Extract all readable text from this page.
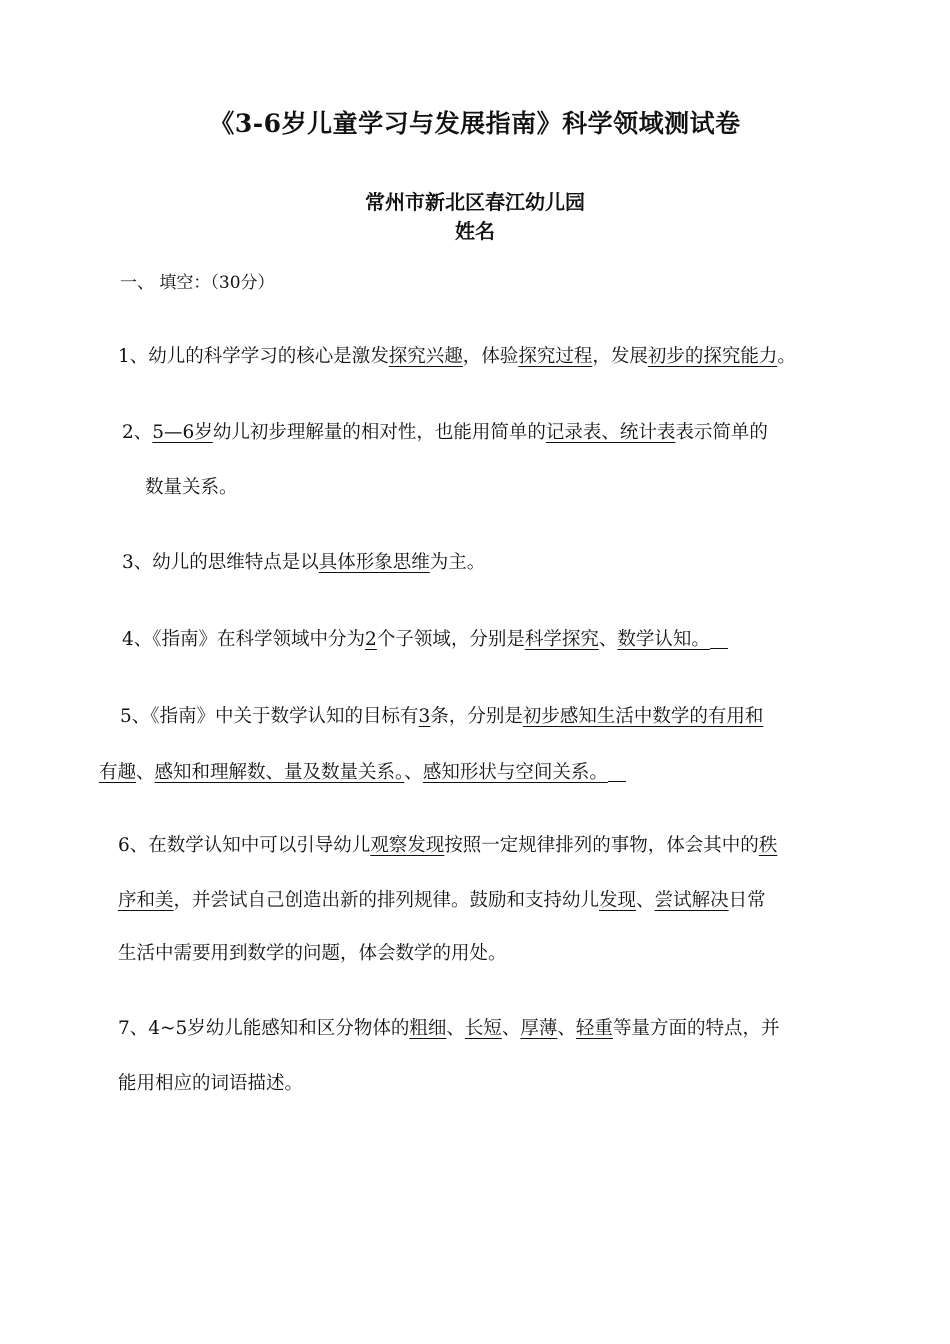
《3-6岁儿童学习与发展指南》科学领域测试卷
常州市新北区春江幼儿园
姓名
一、 填空：（30分）
1、幼儿的科学学习的核心是激发探究兴趣，体验探究过程，发展初步的探究能力。
2、5—6岁幼儿初步理解量的相对性，也能用简单的记录表、统计表表示简单的
数量关系。
3、幼儿的思维特点是以具体形象思维为主。
4、《指南》在科学领域中分为2个子领域，分别是科学探究、数学认知。
5、《指南》中关于数学认知的目标有3条，分别是初步感知生活中数学的有用和
有趣、感知和理解数、量及数量关系。、感知形状与空间关系。
6、在数学认知中可以引导幼儿观察发现按照一定规律排列的事物，体会其中的秩
序和美，并尝试自己创造出新的排列规律。鼓励和支持幼儿发现、尝试解决日常
生活中需要用到数学的问题，体会数学的用处。
7、4~5岁幼儿能感知和区分物体的粗细、长短、厚薄、轻重等量方面的特点，并
能用相应的词语描述。
